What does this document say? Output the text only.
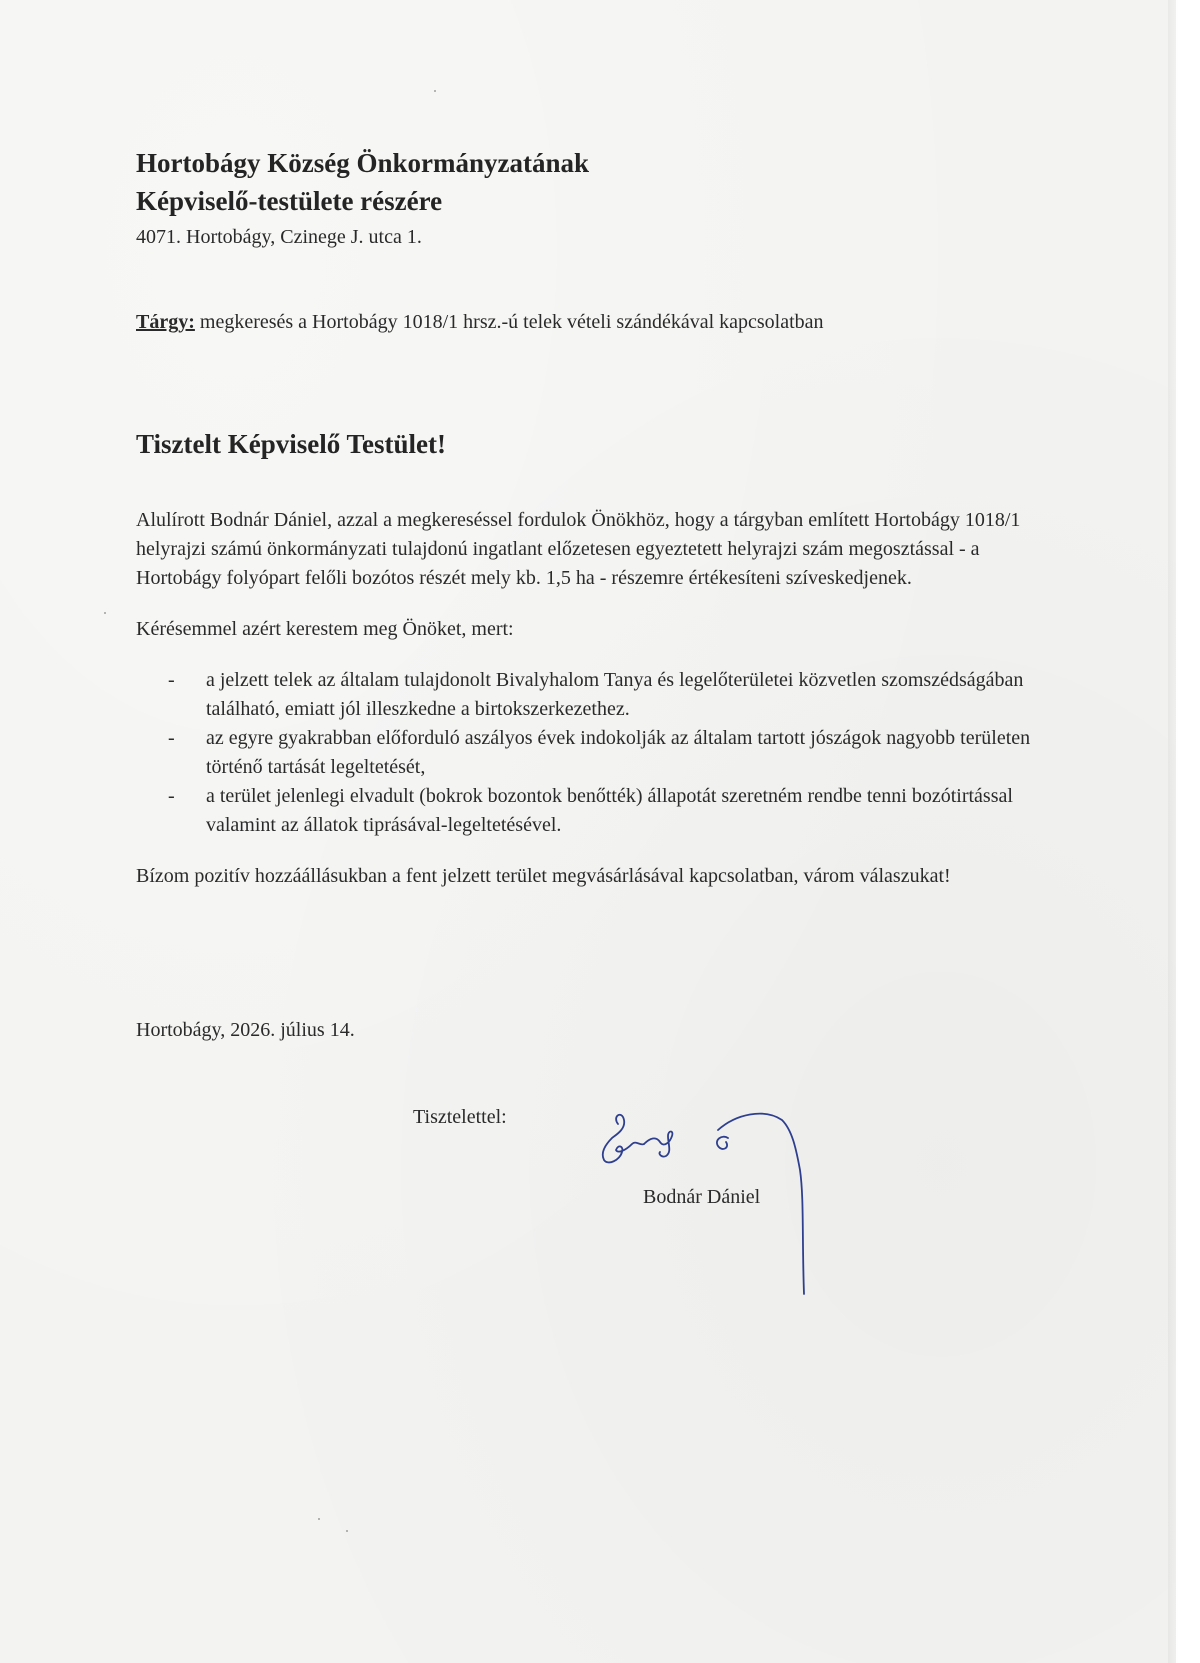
Hortobágy Község Önkormányzatának
Képviselő-testülete részére
4071. Hortobágy, Czinege J. utca 1.
Tárgy: megkeresés a Hortobágy 1018/1 hrsz.-ú telek vételi szándékával kapcsolatban
Tisztelt Képviselő Testület!

Alulírott Bodnár Dániel, azzal a megkereséssel fordulok Önökhöz, hogy a tárgyban említett Hortobágy 1018/1 helyrajzi számú önkormányzati tulajdonú ingatlant előzetesen egyeztetett helyrajzi szám megosztással - a Hortobágy folyópart felőli bozótos részét mely kb. 1,5 ha - részemre értékesíteni szíveskedjenek.

Kérésemmel azért kerestem meg Önöket, mert:

- a jelzett telek az általam tulajdonolt Bivalyhalom Tanya és legelőterületei közvetlen szomszédságában található, emiatt jól illeszkedne a birtokszerkezethez.
- az egyre gyakrabban előforduló aszályos évek indokolják az általam tartott jószágok nagyobb területen történő tartását legeltetését,
- a terület jelenlegi elvadult (bokrok bozontok benőtték) állapotát szeretném rendbe tenni bozótirtással valamint az állatok tiprásával-legeltetésével.

Bízom pozitív hozzáállásukban a fent jelzett terület megvásárlásával kapcsolatban, várom válaszukat!

Hortobágy, 2026. július 14.
Tisztelettel:
Bodnár Dániel
